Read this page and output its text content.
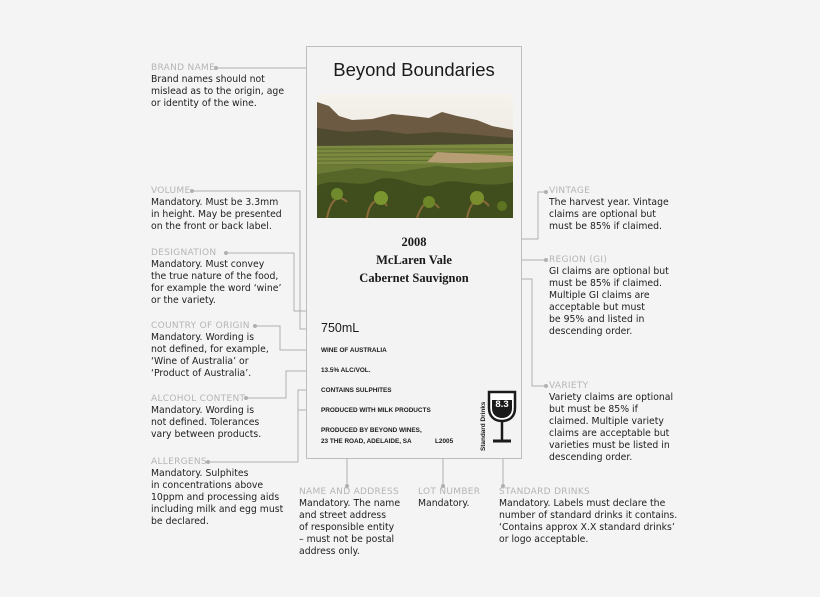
BRAND NAME
Brand names should not
mislead as to the origin, age
or identity of the wine.
VOLUME
Mandatory. Must be 3.3mm
in height. May be presented
on the front or back label.
DESIGNATION
Mandatory. Must convey
the true nature of the food,
for example the word ‘wine’
or the variety.
COUNTRY OF ORIGIN
Mandatory. Wording is
not defined, for example,
‘Wine of Australia’ or
‘Product of Australia’.
ALCOHOL CONTENT
Mandatory. Wording is
not defined. Tolerances
vary between products.
ALLERGENS
Mandatory. Sulphites
in concentrations above
10ppm and processing aids
including milk and egg must
be declared.
VINTAGE
The harvest year. Vintage
claims are optional but
must be 85% if claimed.
REGION (GI)
GI claims are optional but
must be 85% if claimed.
Multiple GI claims are
acceptable but must
be 95% and listed in
descending order.
VARIETY
Variety claims are optional
but must be 85% if
claimed. Multiple variety
claims are acceptable but
varieties must be listed in
descending order.
NAME AND ADDRESS
Mandatory. The name
and street address
of responsible entity
– must not be postal
address only.
LOT NUMBER
Mandatory.
STANDARD DRINKS
Mandatory. Labels must declare the
number of standard drinks it contains.
‘Contains approx X.X standard drinks’
or logo acceptable.
Beyond Boundaries
2008
McLaren Vale
Cabernet Sauvignon
750mL
WINE OF AUSTRALIA
13.5% ALC/VOL.
CONTAINS SULPHITES
PRODUCED WITH MILK PRODUCTS
PRODUCED BY BEYOND WINES,
23 THE ROAD, ADELAIDE, SA	L2005	Standard Drinks 8.3
